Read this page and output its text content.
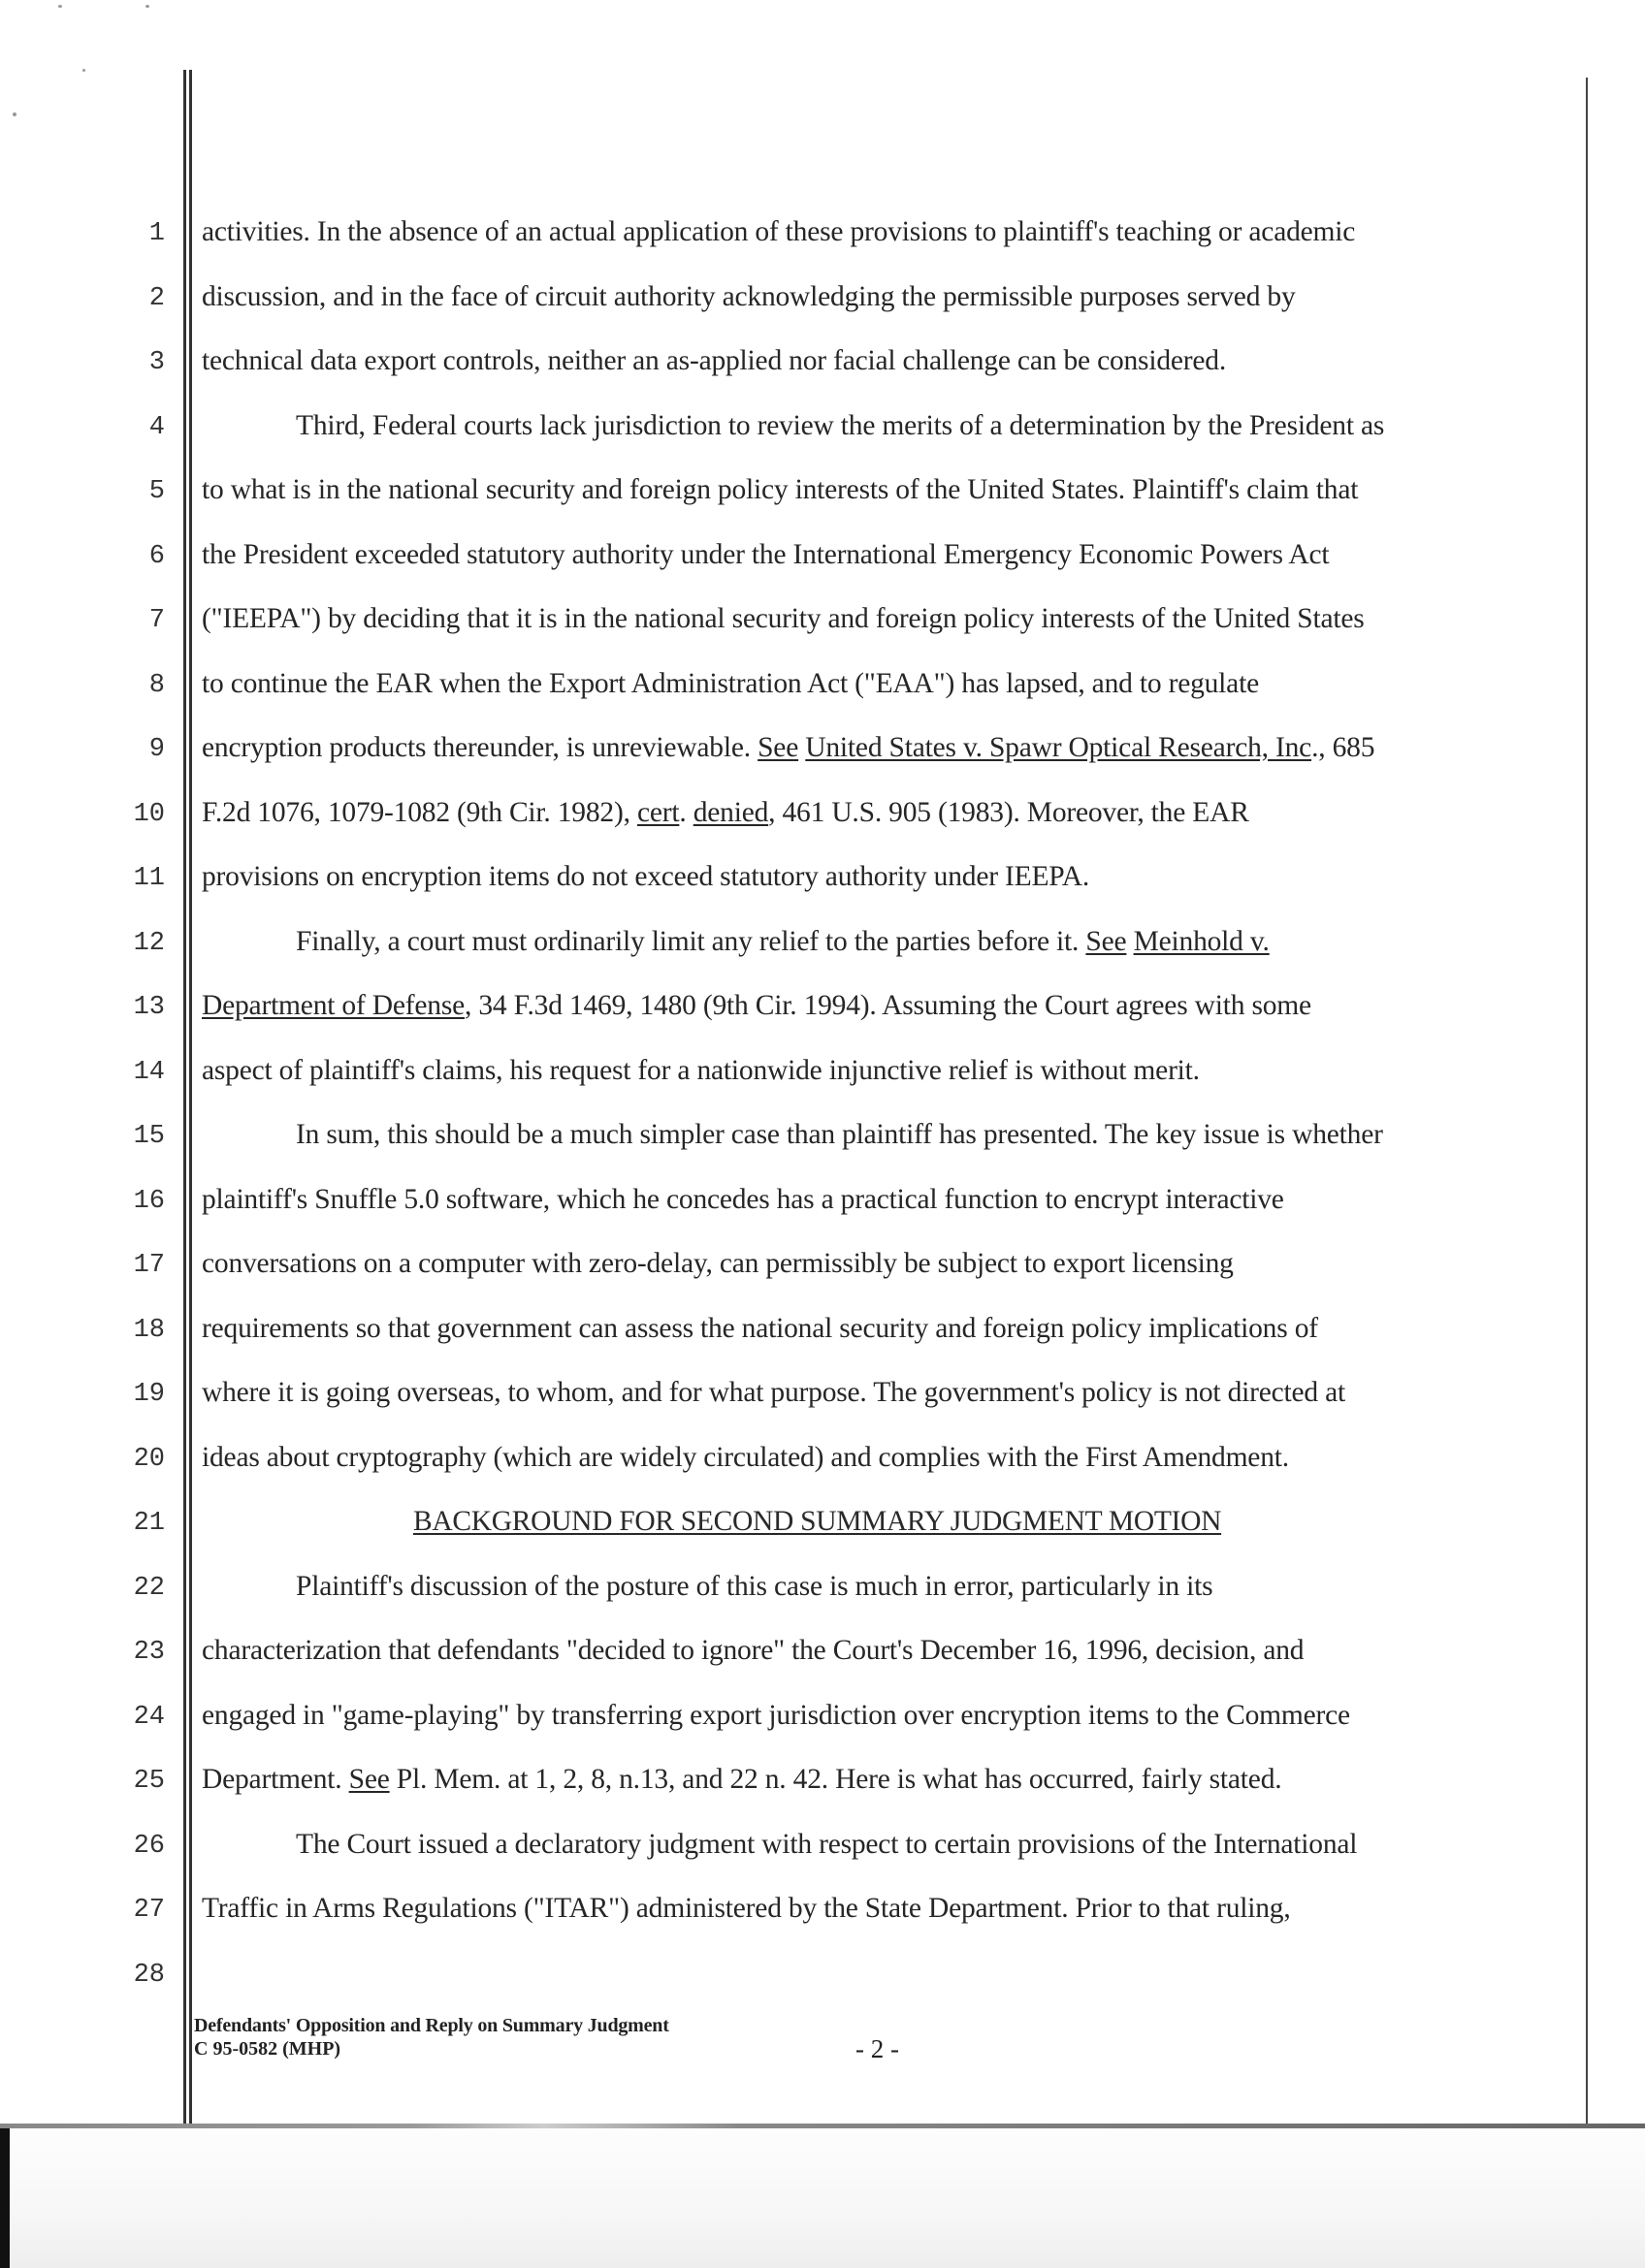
1
2
3
4
5
6
7
8
9
10
11
12
13
14
15
16
17
18
19
20
21
22
23
24
25
26
27
28
activities. In the absence of an actual application of these provisions to plaintiff's teaching or academic
discussion, and in the face of circuit authority acknowledging the permissible purposes served by
technical data export controls, neither an as-applied nor facial challenge can be considered.
Third, Federal courts lack jurisdiction to review the merits of a determination by the President as
to what is in the national security and foreign policy interests of the United States. Plaintiff's claim that
the President exceeded statutory authority under the International Emergency Economic Powers Act
("IEEPA") by deciding that it is in the national security and foreign policy interests of the United States
to continue the EAR when the Export Administration Act ("EAA") has lapsed, and to regulate
encryption products thereunder, is unreviewable. See United States v. Spawr Optical Research, Inc., 685
F.2d 1076, 1079-1082 (9th Cir. 1982), cert. denied, 461 U.S. 905 (1983). Moreover, the EAR
provisions on encryption items do not exceed statutory authority under IEEPA.
Finally, a court must ordinarily limit any relief to the parties before it. See Meinhold v.
Department of Defense, 34 F.3d 1469, 1480 (9th Cir. 1994). Assuming the Court agrees with some
aspect of plaintiff's claims, his request for a nationwide injunctive relief is without merit.
In sum, this should be a much simpler case than plaintiff has presented. The key issue is whether
plaintiff's Snuffle 5.0 software, which he concedes has a practical function to encrypt interactive
conversations on a computer with zero-delay, can permissibly be subject to export licensing
requirements so that government can assess the national security and foreign policy implications of
where it is going overseas, to whom, and for what purpose. The government's policy is not directed at
ideas about cryptography (which are widely circulated) and complies with the First Amendment.
Plaintiff's discussion of the posture of this case is much in error, particularly in its
characterization that defendants "decided to ignore" the Court's December 16, 1996, decision, and
engaged in "game-playing" by transferring export jurisdiction over encryption items to the Commerce
Department. See Pl. Mem. at 1, 2, 8, n.13, and 22 n. 42. Here is what has occurred, fairly stated.
The Court issued a declaratory judgment with respect to certain provisions of the International
Traffic in Arms Regulations ("ITAR") administered by the State Department. Prior to that ruling,
BACKGROUND FOR SECOND SUMMARY JUDGMENT MOTION
Defendants' Opposition and Reply on Summary Judgment
C 95-0582 (MHP)	- 2 -
